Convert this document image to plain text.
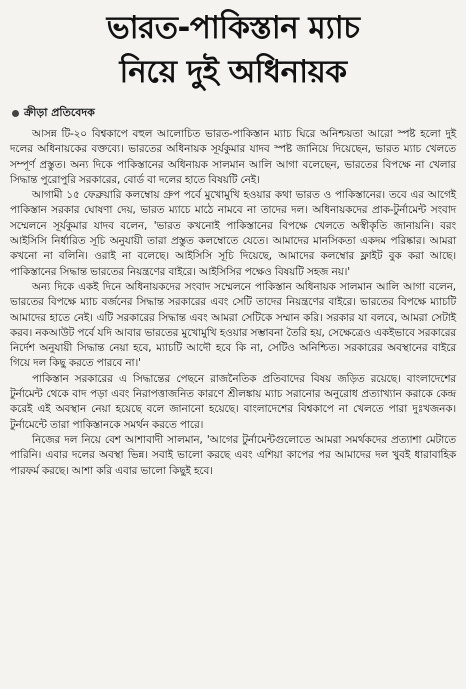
ভারত-পাকিস্তান ম্যাচ
নিয়ে দুই অধিনায়ক
ক্রীড়া প্রতিবেদক

আসন্ন টি-২০ বিশ্বকাপে বহুল আলোচিত ভারত-পাকিস্তান ম্যাচ ঘিরে অনিশ্চয়তা আরো স্পষ্ট হলো দুই দলের অধিনায়কের বক্তব্যে। ভারতের অধিনায়ক সূর্যকুমার যাদব স্পষ্ট জানিয়ে দিয়েছেন, ভারত ম্যাচ খেলতে সম্পূর্ণ প্রস্তুত। অন্য দিকে পাকিস্তানের অধিনায়ক সালমান আলি আগা বলেছেন, ভারতের বিপক্ষে না খেলার সিদ্ধান্ত পুরোপুরি সরকারের, বোর্ড বা দলের হাতে বিষয়টি নেই।

আগামী ১৫ ফেব্রুয়ারি কলম্বোয় গ্রুপ পর্বে মুখোমুখি হওয়ার কথা ভারত ও পাকিস্তানের। তবে এর আগেই পাকিস্তান সরকার ঘোষণা দেয়, ভারত ম্যাচে মাঠে নামবে না তাদের দল। অধিনায়কদের প্রাক-টুর্নামেন্ট সংবাদ সম্মেলনে সূর্যকুমার যাদব বলেন, 'ভারত কখনোই পাকিস্তানের বিপক্ষে খেলতে অস্বীকৃতি জানায়নি। বরং আইসিসি নির্ধারিত সূচি অনুযায়ী তারা প্রস্তুত কলম্বোতে যেতে। আমাদের মানসিকতা একদম পরিষ্কার। আমরা কখনো না বলিনি। ওরাই না বলেছে। আইসিসি সূচি দিয়েছে, আমাদের কলম্বোর ফ্লাইট বুক করা আছে। পাকিস্তানের সিদ্ধান্ত ভারতের নিয়ন্ত্রণের বাইরে। আইসিসির পক্ষেও বিষয়টি সহজ নয়।'

অন্য দিকে একই দিনে অধিনায়কদের সংবাদ সম্মেলনে পাকিস্তান অধিনায়ক সালমান আলি আগা বলেন, ভারতের বিপক্ষে ম্যাচ বর্জনের সিদ্ধান্ত সরকারের এবং সেটি তাদের নিয়ন্ত্রণের বাইরে। ভারতের বিপক্ষে ম্যাচটি আমাদের হাতে নেই। এটি সরকারের সিদ্ধান্ত এবং আমরা সেটিকে সম্মান করি। সরকার যা বলবে, আমরা সেটাই করব। নকআউট পর্বে যদি আবার ভারতের মুখোমুখি হওয়ার সম্ভাবনা তৈরি হয়, সেক্ষেত্রেও একইভাবে সরকারের নির্দেশ অনুযায়ী সিদ্ধান্ত নেয়া হবে, ম্যাচটি আদৌ হবে কি না, সেটিও অনিশ্চিত। সরকারের অবস্থানের বাইরে গিয়ে দল কিছু করতে পারবে না।'

পাকিস্তান সরকারের এ সিদ্ধান্তের পেছনে রাজনৈতিক প্রতিবাদের বিষয় জড়িত রয়েছে। বাংলাদেশের টুর্নামেন্ট থেকে বাদ পড়া এবং নিরাপত্তাজনিত কারণে শ্রীলঙ্কায় ম্যাচ সরানোর অনুরোধ প্রত্যাখ্যান করাকে কেন্দ্র করেই এই অবস্থান নেয়া হয়েছে বলে জানানো হয়েছে। বাংলাদেশের বিশ্বকাপে না খেলতে পারা দুঃখজনক। টুর্নামেন্টে তারা পাকিস্তানকে সমর্থন করতে পারে।

নিজের দল নিয়ে বেশ আশাবাদী সালমান, 'আগের টুর্নামেন্টগুলোতে আমরা সমর্থকদের প্রত্যাশা মেটাতে পারিনি। এবার দলের অবস্থা ভিন্ন। সবাই ভালো করছে এবং এশিয়া কাপের পর আমাদের দল খুবই ধারাবাহিক পারফর্ম করছে। আশা করি এবার ভালো কিছুই হবে।
